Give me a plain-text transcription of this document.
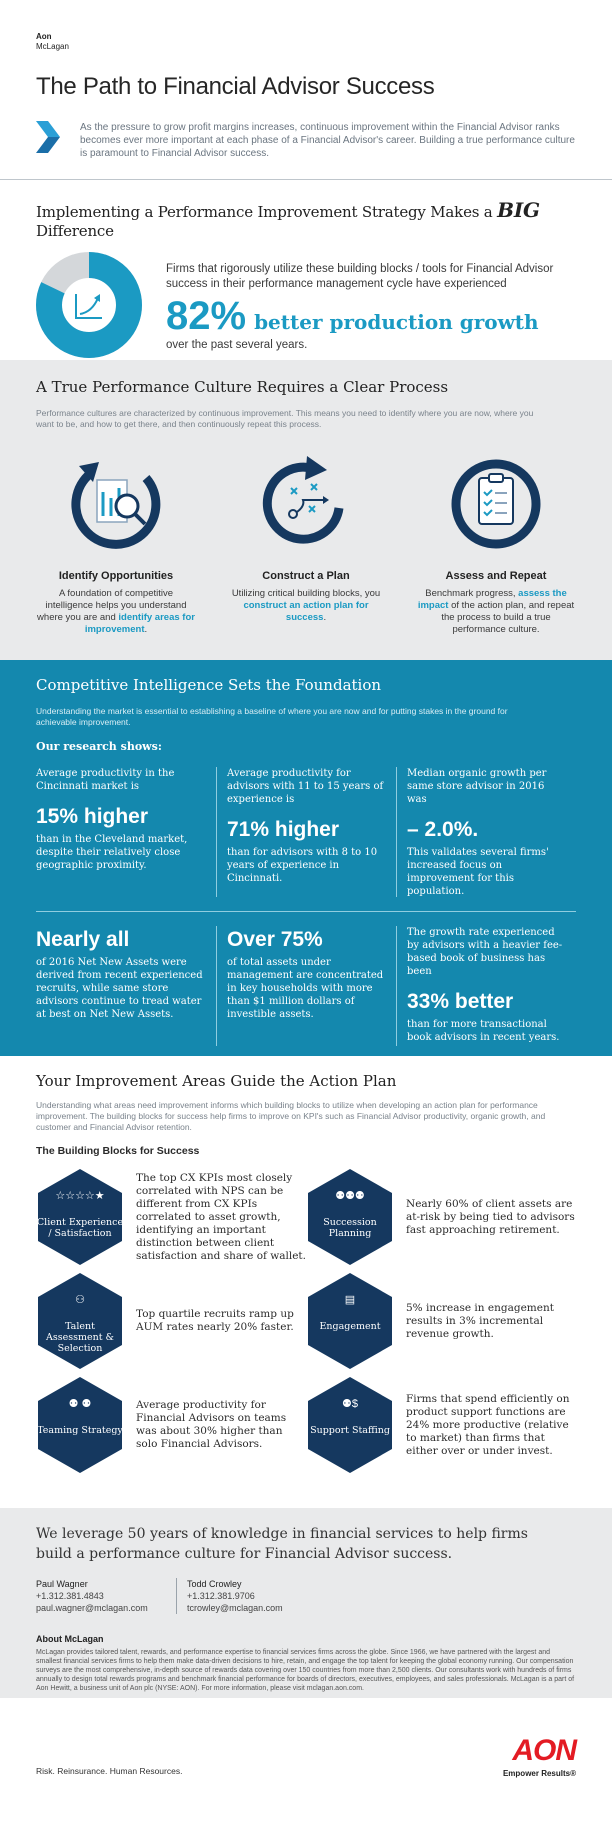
Aon
McLagan
The Path to Financial Advisor Success
As the pressure to grow profit margins increases, continuous improvement within the Financial Advisor ranks becomes ever more important at each phase of a Financial Advisor's career. Building a true performance culture is paramount to Financial Advisor success.
Implementing a Performance Improvement Strategy Makes a BIG Difference
Firms that rigorously utilize these building blocks / tools for Financial Advisor success in their performance management cycle have experienced
82% better production growth
over the past several years.
A True Performance Culture Requires a Clear Process
Performance cultures are characterized by continuous improvement. This means you need to identify where you are now, where you want to be, and how to get there, and then continuously repeat this process.
Identify Opportunities
A foundation of competitive intelligence helps you understand where you are and identify areas for improvement.
Construct a Plan
Utilizing critical building blocks, you construct an action plan for success.
Assess and Repeat
Benchmark progress, assess the impact of the action plan, and repeat the process to build a true performance culture.
Competitive Intelligence Sets the Foundation
Understanding the market is essential to establishing a baseline of where you are now and for putting stakes in the ground for achievable improvement.
Our research shows:
Average productivity in the Cincinnati market is
15% higher
than in the Cleveland market, despite their relatively close geographic proximity.
Average productivity for advisors with 11 to 15 years of experience is
71% higher
than for advisors with 8 to 10 years of experience in Cincinnati.
Median organic growth per same store advisor in 2016 was
– 2.0%.
This validates several firms' increased focus on improvement for this population.
Nearly all
of 2016 Net New Assets were derived from recent experienced recruits, while same store advisors continue to tread water at best on Net New Assets.
Over 75%
of total assets under management are concentrated in key households with more than $1 million dollars of investible assets.
The growth rate experienced by advisors with a heavier fee-based book of business has been
33% better
than for more transactional book advisors in recent years.
Your Improvement Areas Guide the Action Plan
Understanding what areas need improvement informs which building blocks to utilize when developing an action plan for performance improvement. The building blocks for success help firms to improve on KPI's such as Financial Advisor productivity, organic growth, and customer and Financial Advisor retention.
The Building Blocks for Success
☆☆☆☆★
Client Experience / Satisfaction
The top CX KPIs most closely correlated with NPS can be different from CX KPIs correlated to asset growth, identifying an important distinction between client satisfaction and share of wallet.
⚉⚉⚉
Succession Planning
Nearly 60% of client assets are at-risk by being tied to advisors fast approaching retirement.
⚇
Talent Assessment & Selection
Top quartile recruits ramp up AUM rates nearly 20% faster.
▤
Engagement
5% increase in engagement results in 3% incremental revenue growth.
⚉ ⚉
Teaming Strategy
Average productivity for Financial Advisors on teams was about 30% higher than solo Financial Advisors.
⚉$
Support Staffing
Firms that spend efficiently on product support functions are 24% more productive (relative to market) than firms that either over or under invest.
We leverage 50 years of knowledge in financial services to help firms build a performance culture for Financial Advisor success.
Paul Wagner
+1.312.381.4843
paul.wagner@mclagan.com
Todd Crowley
+1.312.381.9706
tcrowley@mclagan.com
About McLagan
McLagan provides tailored talent, rewards, and performance expertise to financial services firms across the globe. Since 1966, we have partnered with the largest and smallest financial services firms to help them make data-driven decisions to hire, retain, and engage the top talent for keeping the global economy running. Our compensation surveys are the most comprehensive, in-depth source of rewards data covering over 150 countries from more than 2,500 clients. Our consultants work with hundreds of firms annually to design total rewards programs and benchmark financial performance for boards of directors, executives, employees, and sales professionals. McLagan is a part of Aon Hewitt, a business unit of Aon plc (NYSE: AON). For more information, please visit mclagan.aon.com.
Risk. Reinsurance. Human Resources.
AON
Empower Results®
